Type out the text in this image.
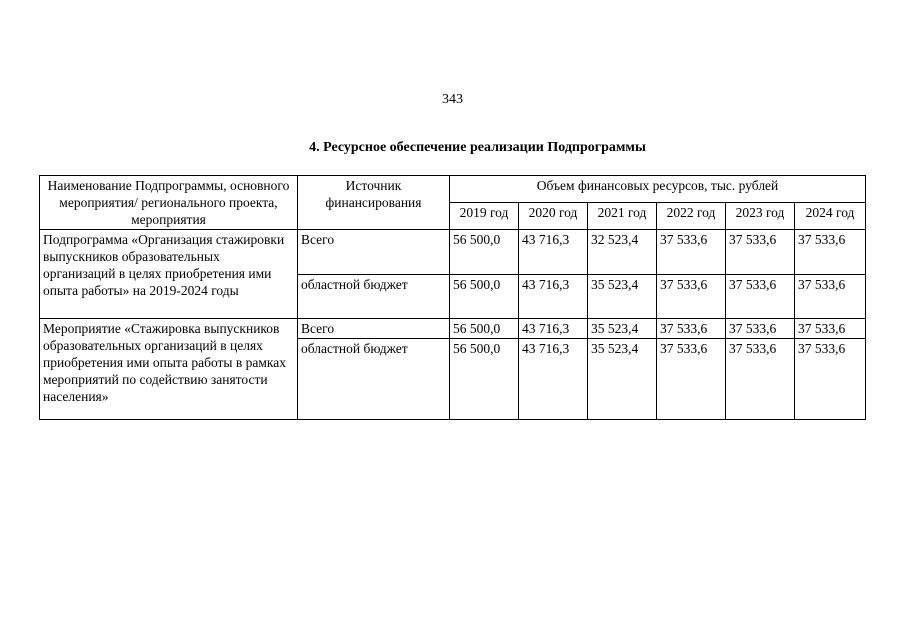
343
4. Ресурсное обеспечение реализации Подпрограммы
Наименование Подпрограммы, основного мероприятия/ регионального проекта, мероприятия	Источник финансирования	Объем финансовых ресурсов, тыс. рублей					
		2019 год	2020 год	2021 год	2022 год	2023 год	2024 год
Подпрограмма «Организация стажировки выпускников образовательных организаций в целях приобретения ими опыта работы» на 2019-2024 годы	Всего	56 500,0	43 716,3	32 523,4	37 533,6	37 533,6	37 533,6
	областной бюджет	56 500,0	43 716,3	35 523,4	37 533,6	37 533,6	37 533,6
Мероприятие «Стажировка выпускников образовательных организаций в целях приобретения ими опыта работы в рамках мероприятий по содействию занятости населения»	Всего	56 500,0	43 716,3	35 523,4	37 533,6	37 533,6	37 533,6
	областной бюджет	56 500,0	43 716,3	35 523,4	37 533,6	37 533,6	37 533,6
